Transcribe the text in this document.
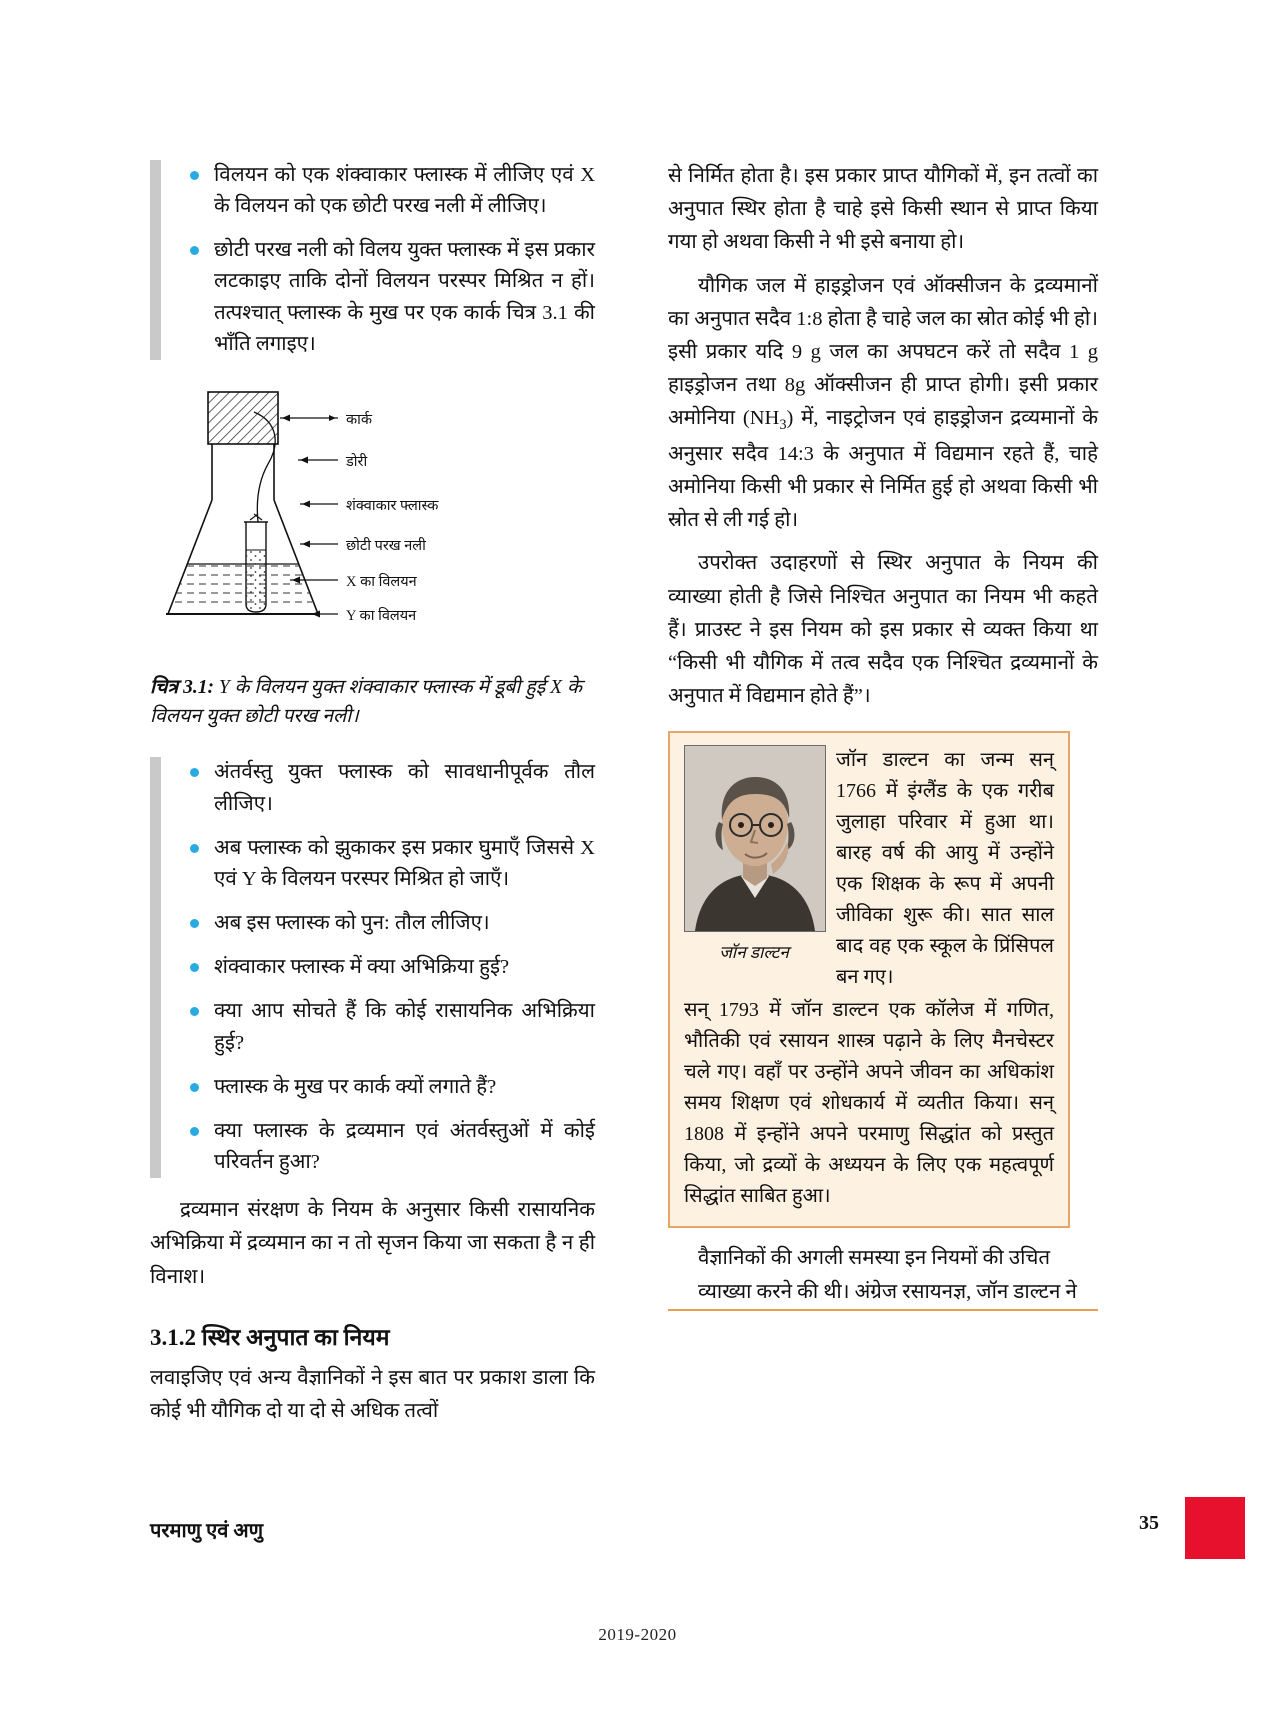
विलयन को एक शंक्वाकार फ्लास्क में लीजिए एवं X के विलयन को एक छोटी परख नली में लीजिए।
छोटी परख नली को विलय युक्त फ्लास्क में इस प्रकार लटकाइए ताकि दोनों विलयन परस्पर मिश्रित न हों। तत्पश्चात् फ्लास्क के मुख पर एक कार्क चित्र 3.1 की भाँति लगाइए।
कार्क
डोरी
शंक्वाकार फ्लास्क
छोटी परख नली
X का विलयन
Y का विलयन
चित्र 3.1: Y के विलयन युक्त शंक्वाकार फ्लास्क में डूबी हुई X के विलयन युक्त छोटी परख नली।
अंतर्वस्तु युक्त फ्लास्क को सावधानीपूर्वक तौल लीजिए।
अब फ्लास्क को झुकाकर इस प्रकार घुमाएँ जिससे X एवं Y के विलयन परस्पर मिश्रित हो जाएँ।
अब इस फ्लास्क को पुन: तौल लीजिए।
शंक्वाकार फ्लास्क में क्या अभिक्रिया हुई?
क्या आप सोचते हैं कि कोई रासायनिक अभिक्रिया हुई?
फ्लास्क के मुख पर कार्क क्यों लगाते हैं?
क्या फ्लास्क के द्रव्यमान एवं अंतर्वस्तुओं में कोई परिवर्तन हुआ?

द्रव्यमान संरक्षण के नियम के अनुसार किसी रासायनिक अभिक्रिया में द्रव्यमान का न तो सृजन किया जा सकता है न ही विनाश।

3.1.2 स्थिर अनुपात का नियम

लवाइजिए एवं अन्य वैज्ञानिकों ने इस बात पर प्रकाश डाला कि कोई भी यौगिक दो या दो से अधिक तत्वों

से निर्मित होता है। इस प्रकार प्राप्त यौगिकों में, इन तत्वों का अनुपात स्थिर होता है चाहे इसे किसी स्थान से प्राप्त किया गया हो अथवा किसी ने भी इसे बनाया हो।

यौगिक जल में हाइड्रोजन एवं ऑक्सीजन के द्रव्यमानों का अनुपात सदैव 1:8 होता है चाहे जल का स्रोत कोई भी हो। इसी प्रकार यदि 9 g जल का अपघटन करें तो सदैव 1 g हाइड्रोजन तथा 8g ऑक्सीजन ही प्राप्त होगी। इसी प्रकार अमोनिया $(NH_3)$ में, नाइट्रोजन एवं हाइड्रोजन द्रव्यमानों के अनुसार सदैव 14:3 के अनुपात में विद्यमान रहते हैं, चाहे अमोनिया किसी भी प्रकार से निर्मित हुई हो अथवा किसी भी स्रोत से ली गई हो।

उपरोक्त उदाहरणों से स्थिर अनुपात के नियम की व्याख्या होती है जिसे निश्चित अनुपात का नियम भी कहते हैं। प्राउस्ट ने इस नियम को इस प्रकार से व्यक्त किया था “किसी भी यौगिक में तत्व सदैव एक निश्चित द्रव्यमानों के अनुपात में विद्यमान होते हैं”।

जॉन डाल्टन
जॉन डाल्टन का जन्म सन् 1766 में इंग्लैंड के एक गरीब जुलाहा परिवार में हुआ था। बारह वर्ष की आयु में उन्होंने एक शिक्षक के रूप में अपनी जीविका शुरू की। सात साल बाद वह एक स्कूल के प्रिंसिपल बन गए।
सन् 1793 में जॉन डाल्टन एक कॉलेज में गणित, भौतिकी एवं रसायन शास्त्र पढ़ाने के लिए मैनचेस्टर चले गए। वहाँ पर उन्होंने अपने जीवन का अधिकांश समय शिक्षण एवं शोधकार्य में व्यतीत किया। सन् 1808 में इन्होंने अपने परमाणु सिद्धांत को प्रस्तुत किया, जो द्रव्यों के अध्ययन के लिए एक महत्वपूर्ण सिद्धांत साबित हुआ।

वैज्ञानिकों की अगली समस्या इन नियमों की उचित
व्याख्या करने की थी। अंग्रेज रसायनज्ञ, जॉन डाल्टन ने

परमाणु एवं अणु	35
2019-2020
